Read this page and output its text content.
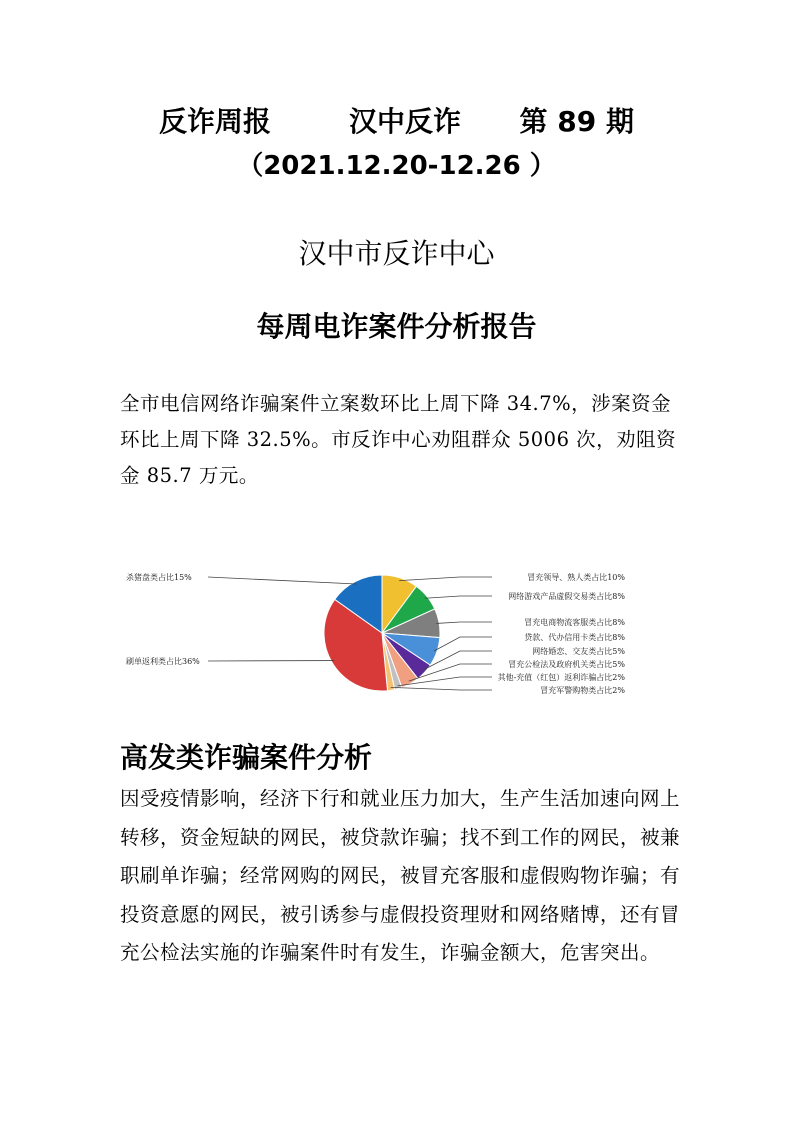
反诈周报        汉中反诈      第 89 期
（2021.12.20-12.26 ）
汉中市反诈中心
每周电诈案件分析报告
全市电信网络诈骗案件立案数环比上周下降 34.7%，涉案资金环比上周下降 32.5%。市反诈中心劝阻群众 5006 次，劝阻资金 85.7 万元。
冒充领导、熟人类占比10%
网络游戏产品虚假交易类占比8%
冒充电商物流客服类占比8%
贷款、代办信用卡类占比8%
网络婚恋、交友类占比5%
冒充公检法及政府机关类占比5%
其他-充值（红包）返利诈骗占比2%
冒充军警购物类占比2%
刷单返利类占比36%
杀猪盘类占比15%
高发类诈骗案件分析
因受疫情影响，经济下行和就业压力加大，生产生活加速向网上转移，资金短缺的网民，被贷款诈骗；找不到工作的网民，被兼职刷单诈骗；经常网购的网民，被冒充客服和虚假购物诈骗；有投资意愿的网民，被引诱参与虚假投资理财和网络赌博，还有冒充公检法实施的诈骗案件时有发生，诈骗金额大，危害突出。
